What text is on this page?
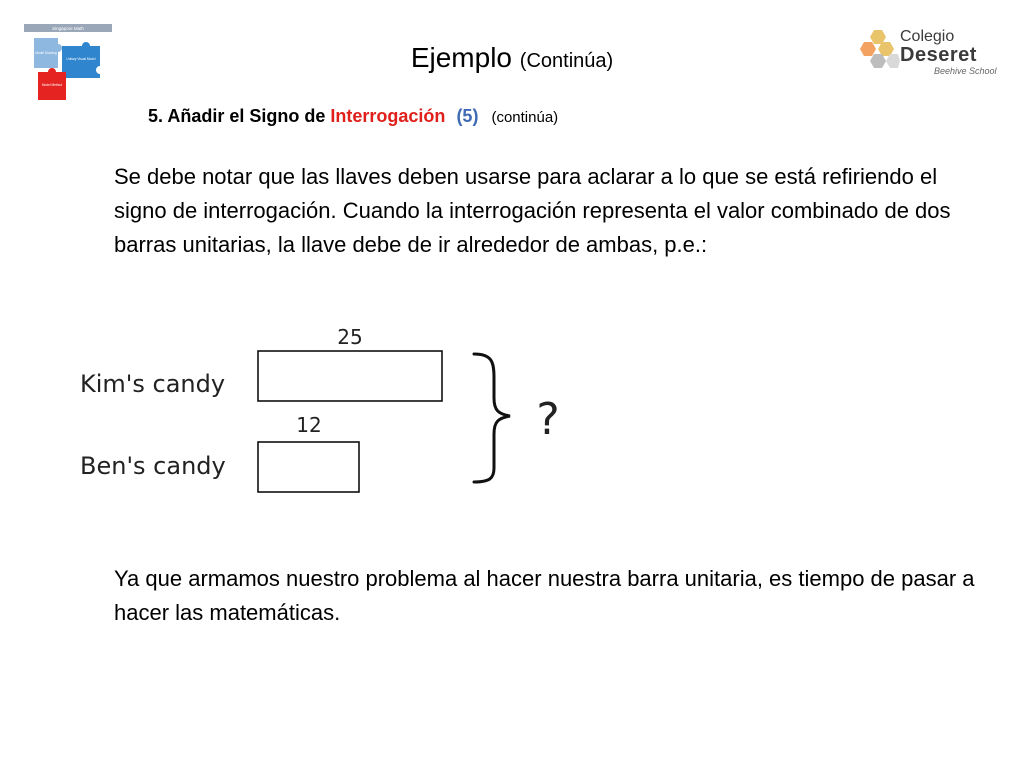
Singapore Math
Model Drawing
Unitary Visual Model
Model Method
Colegio
Deseret
Beehive School
Ejemplo (Continúa)
5. Añadir el Signo de Interrogación (5) (continúa)
Se debe notar que las llaves deben usarse para aclarar a lo que se está refiriendo el signo de interrogación. Cuando la interrogación representa el valor combinado de dos barras unitarias, la llave debe de ir alrededor de ambas, p.e.:
25
Kim's candy
12
Ben's candy
?
Ya que armamos nuestro problema al hacer nuestra barra unitaria, es tiempo de pasar a hacer las matemáticas.
